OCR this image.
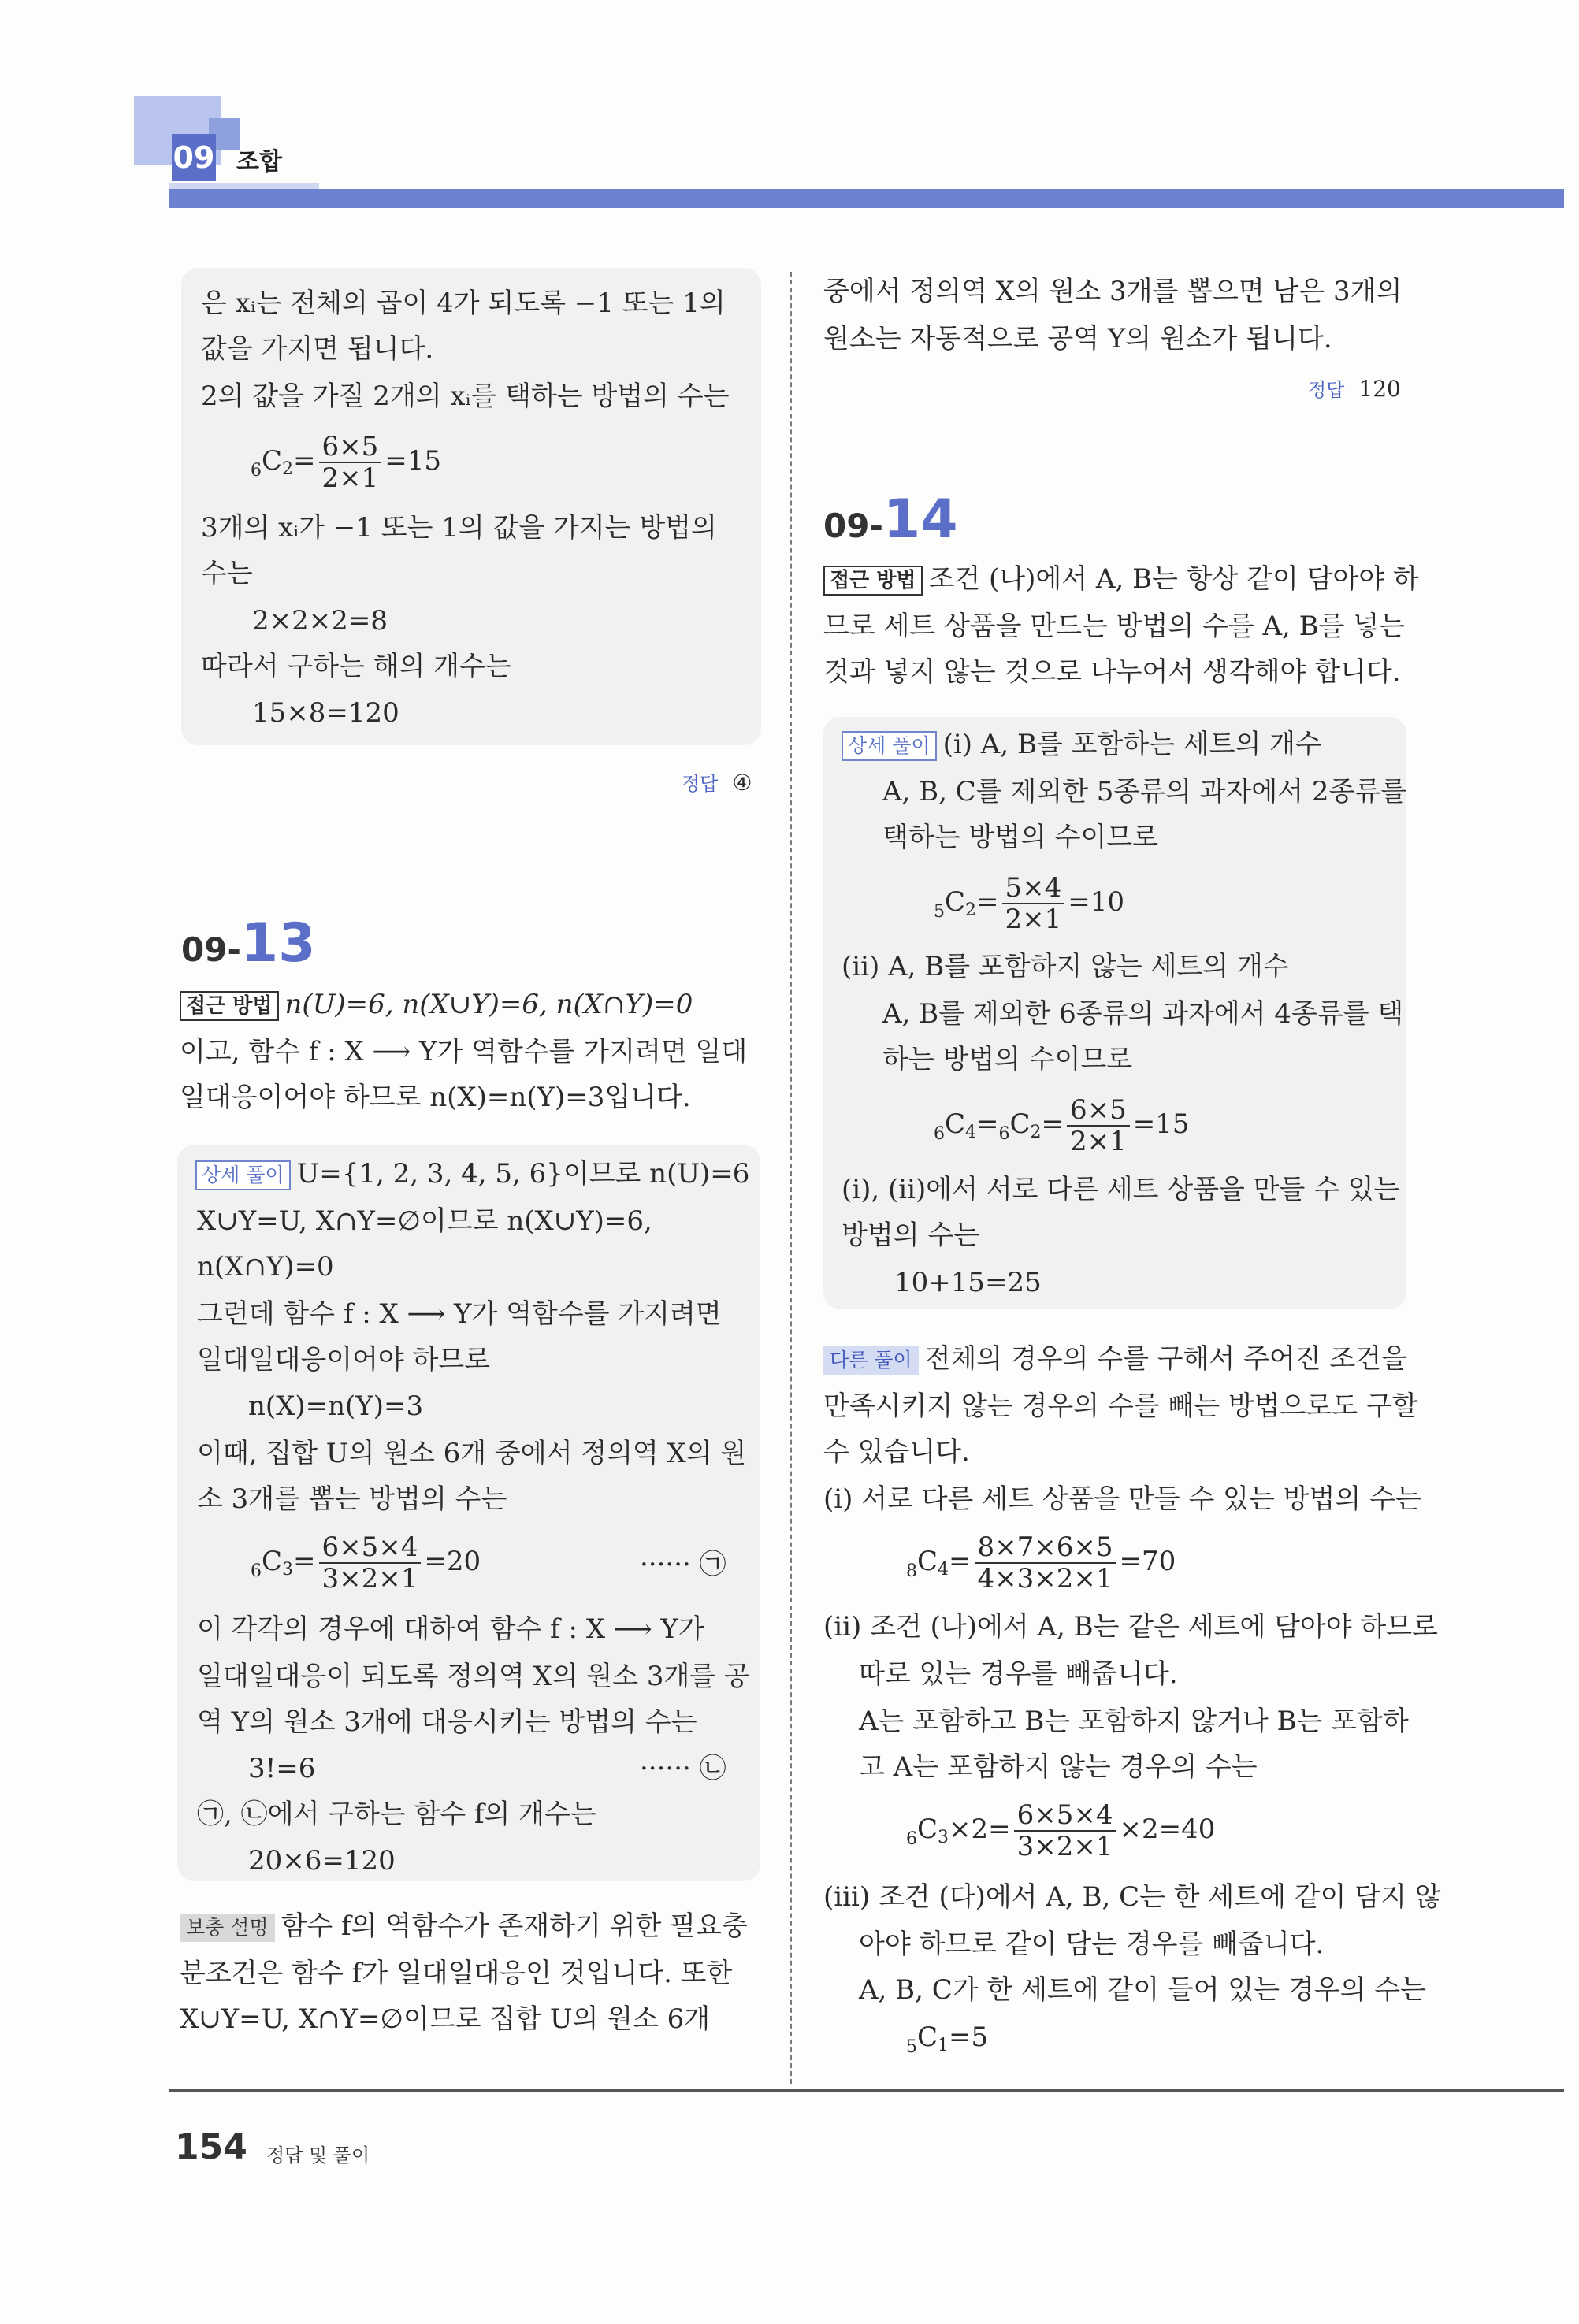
09 조합
은 xᵢ는 전체의 곱이 4가 되도록 −1 또는 1의
값을 가지면 됩니다.
2의 값을 가질 2개의 xᵢ를 택하는 방법의 수는
$_6C_2= \frac{6\times 5}{2\times 1} =15$
3개의 xᵢ가 −1 또는 1의 값을 가지는 방법의
수는
2×2×2=8
따라서 구하는 해의 개수는
15×8=120
정답 ④
09-13
접근 방법 n(U)=6, n(X∪Y)=6, n(X∩Y)=0
이고, 함수 f : X ⟶ Y가 역함수를 가지려면 일대
일대응이어야 하므로 n(X)=n(Y)=3입니다.
상세 풀이 U={1, 2, 3, 4, 5, 6}이므로 n(U)=6
X∪Y=U, X∩Y=∅이므로 n(X∪Y)=6,
n(X∩Y)=0
그런데 함수 f : X ⟶ Y가 역함수를 가지려면
일대일대응이어야 하므로
n(X)=n(Y)=3
이때, 집합 U의 원소 6개 중에서 정의역 X의 원
소 3개를 뽑는 방법의 수는
$_6C_3= \frac{6\times 5\times 4}{3\times 2\times 1} =20$	······ ㉠
이 각각의 경우에 대하여 함수 f : X ⟶ Y가
일대일대응이 되도록 정의역 X의 원소 3개를 공
역 Y의 원소 3개에 대응시키는 방법의 수는
3!=6	······ ㉡
㉠, ㉡에서 구하는 함수 f의 개수는
20×6=120
보충 설명 함수 f의 역함수가 존재하기 위한 필요충
분조건은 함수 f가 일대일대응인 것입니다. 또한
X∪Y=U, X∩Y=∅이므로 집합 U의 원소 6개
중에서 정의역 X의 원소 3개를 뽑으면 남은 3개의
원소는 자동적으로 공역 Y의 원소가 됩니다.
정답 120
09-14
접근 방법 조건 (나)에서 A, B는 항상 같이 담아야 하
므로 세트 상품을 만드는 방법의 수를 A, B를 넣는
것과 넣지 않는 것으로 나누어서 생각해야 합니다.
상세 풀이 (ⅰ) A, B를 포함하는 세트의 개수
A, B, C를 제외한 5종류의 과자에서 2종류를
택하는 방법의 수이므로
$_5C_2= \frac{5\times 4}{2\times 1} =10$
(ⅱ) A, B를 포함하지 않는 세트의 개수
A, B를 제외한 6종류의 과자에서 4종류를 택
하는 방법의 수이므로
$_6C_4=_6C_2= \frac{6\times 5}{2\times 1} =15$
(ⅰ), (ⅱ)에서 서로 다른 세트 상품을 만들 수 있는
방법의 수는
10+15=25
다른 풀이 전체의 경우의 수를 구해서 주어진 조건을
만족시키지 않는 경우의 수를 빼는 방법으로도 구할
수 있습니다.
(ⅰ) 서로 다른 세트 상품을 만들 수 있는 방법의 수는
$_8C_4= \frac{8\times 7\times 6\times 5}{4\times 3\times 2\times 1} =70$
(ⅱ) 조건 (나)에서 A, B는 같은 세트에 담아야 하므로
따로 있는 경우를 빼줍니다.
A는 포함하고 B는 포함하지 않거나 B는 포함하
고 A는 포함하지 않는 경우의 수는
$_6C_3\times 2= \frac{6\times 5\times 4}{3\times 2\times 1} \times 2=40$
(ⅲ) 조건 (다)에서 A, B, C는 한 세트에 같이 담지 않
아야 하므로 같이 담는 경우를 빼줍니다.
A, B, C가 한 세트에 같이 들어 있는 경우의 수는
$_5C_1=5$
154 정답 및 풀이
